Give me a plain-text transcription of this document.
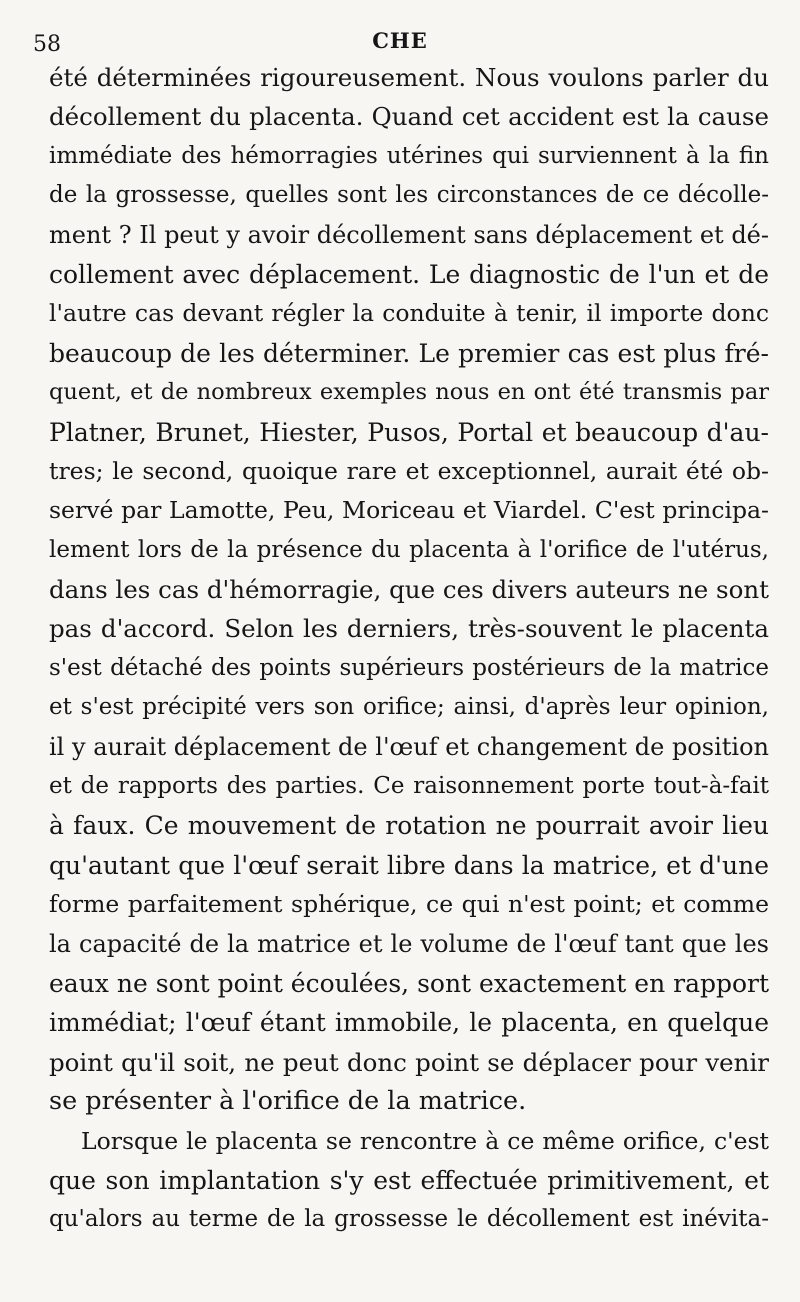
58	CHE
été déterminées rigoureusement. Nous voulons parler du
décollement du placenta. Quand cet accident est la cause
immédiate des hémorragies utérines qui surviennent à la fin
de la grossesse, quelles sont les circonstances de ce décolle-
ment ? Il peut y avoir décollement sans déplacement et dé-
collement avec déplacement. Le diagnostic de l'un et de
l'autre cas devant régler la conduite à tenir, il importe donc
beaucoup de les déterminer. Le premier cas est plus fré-
quent, et de nombreux exemples nous en ont été transmis par
Platner, Brunet, Hiester, Pusos, Portal et beaucoup d'au-
tres; le second, quoique rare et exceptionnel, aurait été ob-
servé par Lamotte, Peu, Moriceau et Viardel. C'est principa-
lement lors de la présence du placenta à l'orifice de l'utérus,
dans les cas d'hémorragie, que ces divers auteurs ne sont
pas d'accord. Selon les derniers, très-souvent le placenta
s'est détaché des points supérieurs postérieurs de la matrice
et s'est précipité vers son orifice; ainsi, d'après leur opinion,
il y aurait déplacement de l'œuf et changement de position
et de rapports des parties. Ce raisonnement porte tout-à-fait
à faux. Ce mouvement de rotation ne pourrait avoir lieu
qu'autant que l'œuf serait libre dans la matrice, et d'une
forme parfaitement sphérique, ce qui n'est point; et comme
la capacité de la matrice et le volume de l'œuf tant que les
eaux ne sont point écoulées, sont exactement en rapport
immédiat; l'œuf étant immobile, le placenta, en quelque
point qu'il soit, ne peut donc point se déplacer pour venir
se présenter à l'orifice de la matrice.
Lorsque le placenta se rencontre à ce même orifice, c'est
que son implantation s'y est effectuée primitivement, et
qu'alors au terme de la grossesse le décollement est inévita-
